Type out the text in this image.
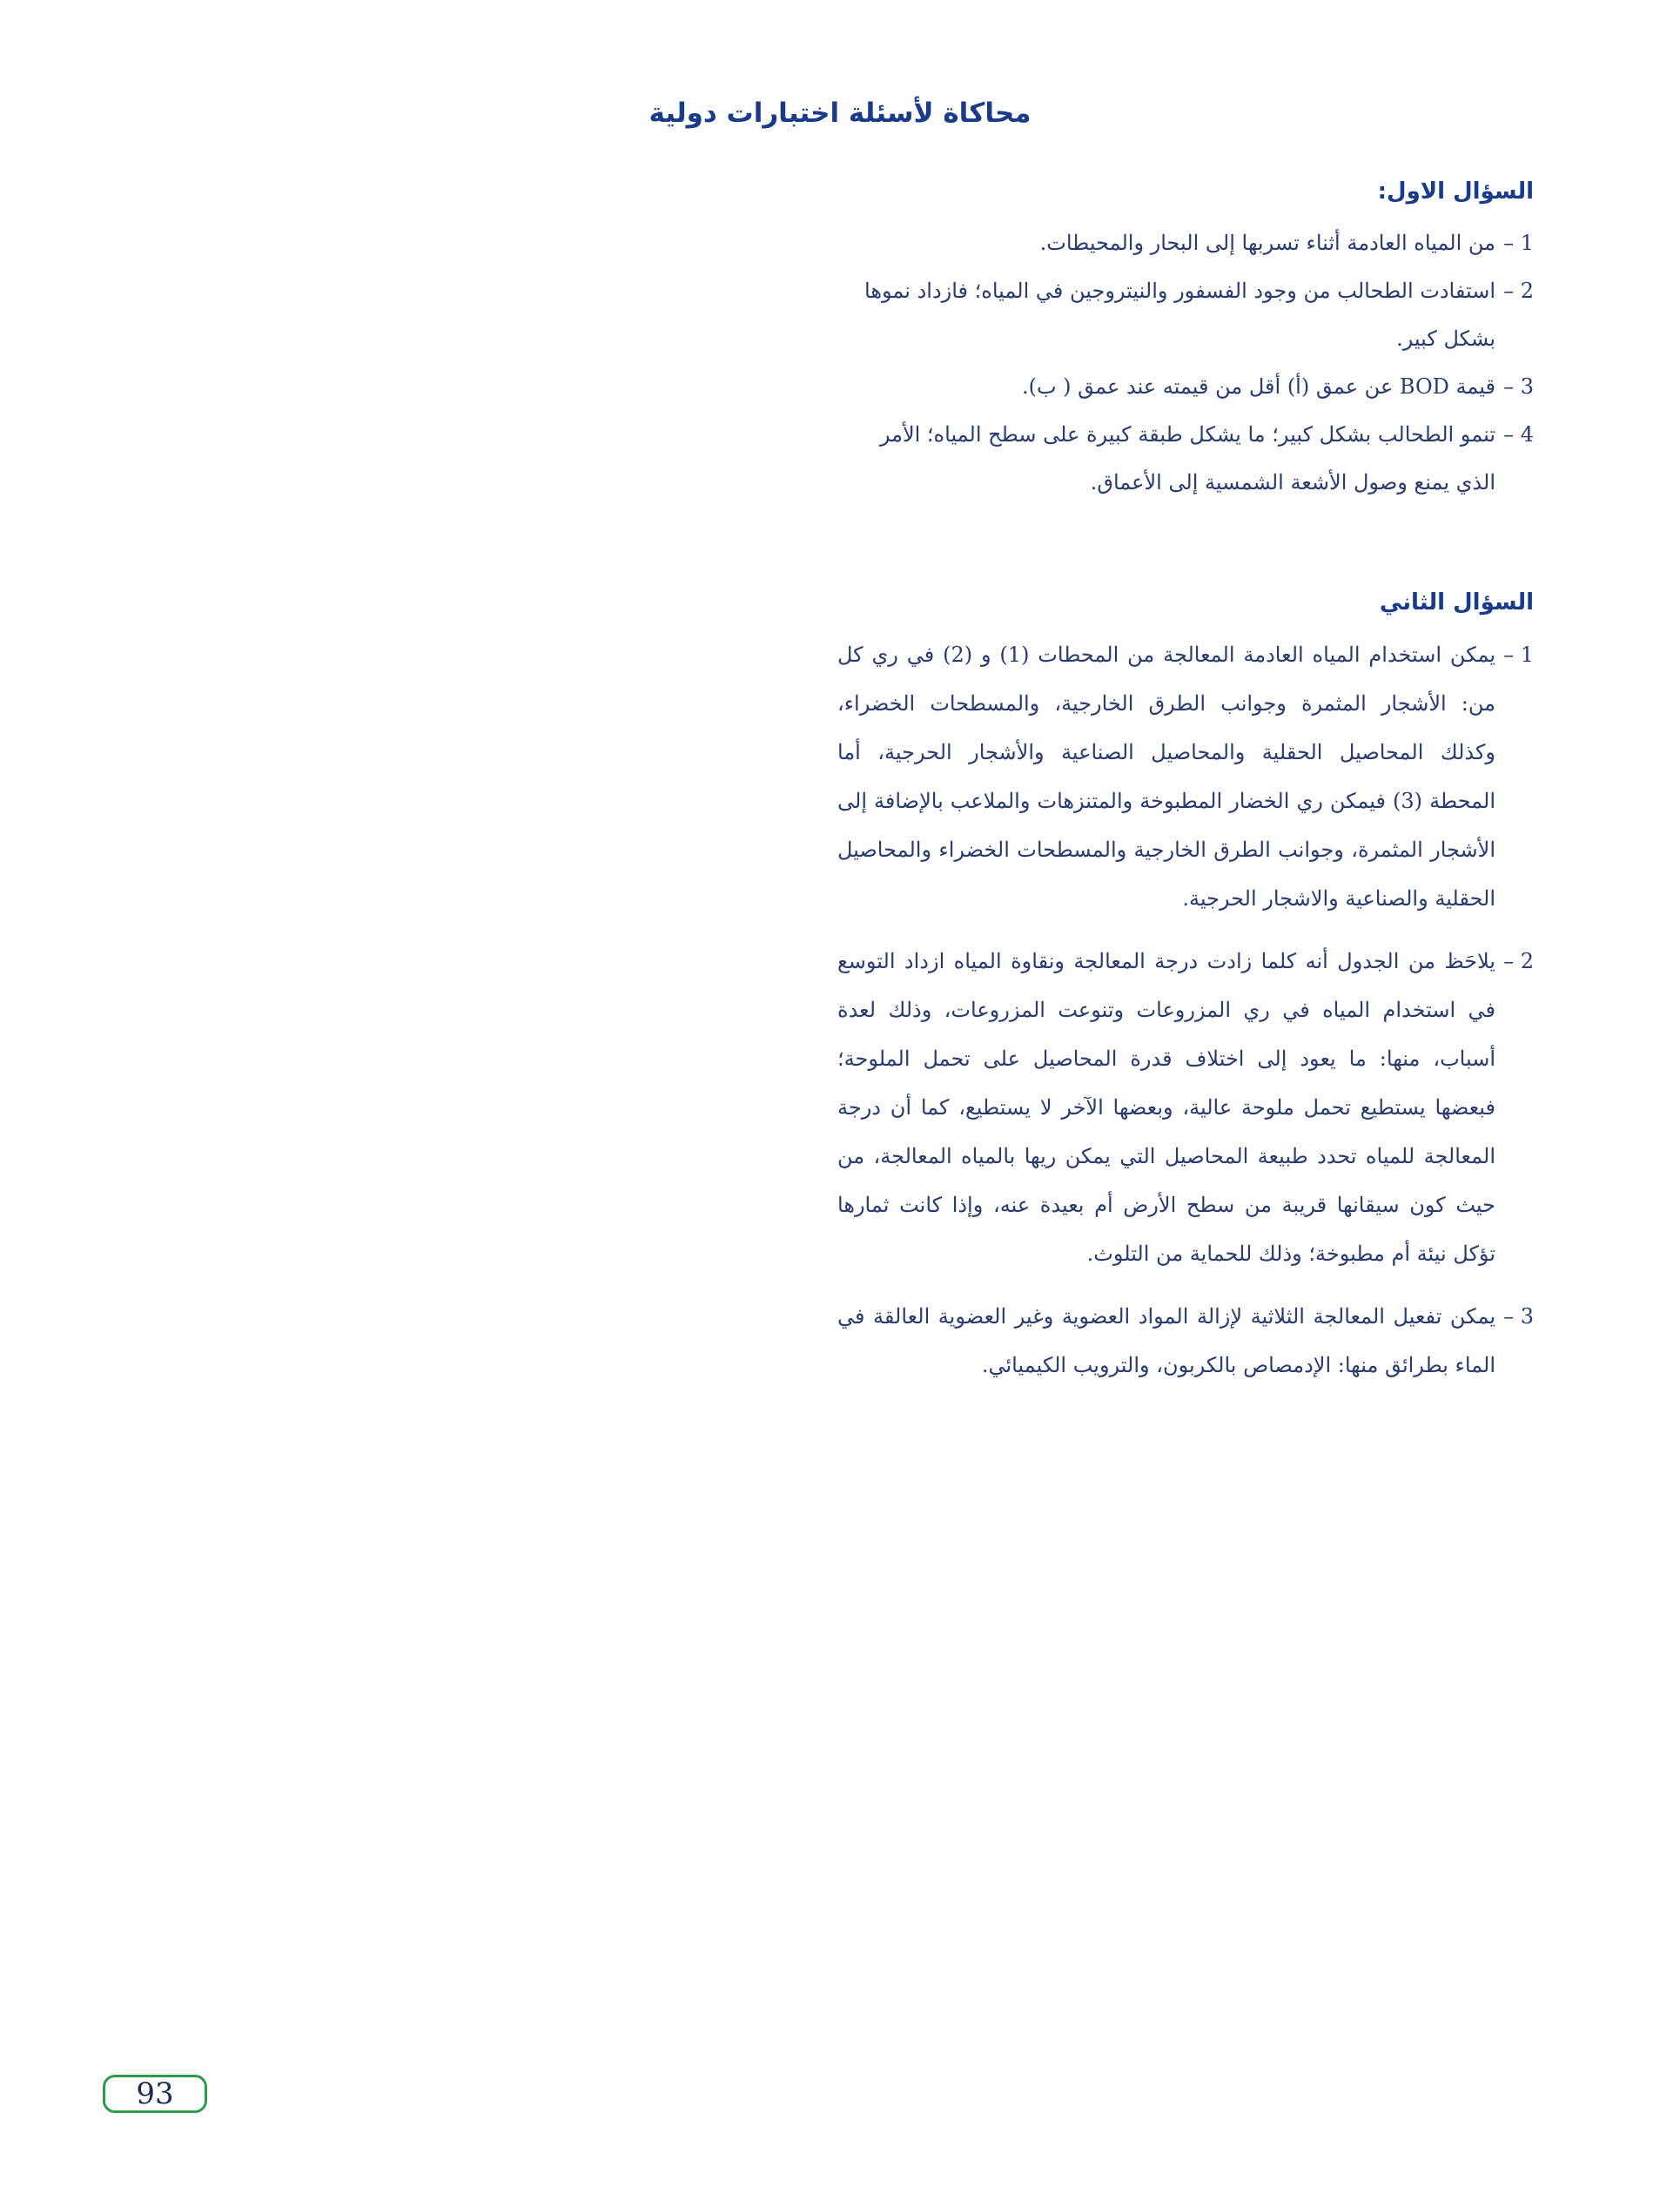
محاكاة لأسئلة اختبارات دولية
السؤال الاول:
1 –
من المياه العادمة أثناء تسربها إلى البحار والمحيطات.
2 –
استفادت الطحالب من وجود الفسفور والنيتروجين في المياه؛ فازداد نموها بشكل كبير.
3 –
قيمة BOD عن عمق (أ) أقل من قيمته عند عمق ( ب).
4 –
تنمو الطحالب بشكل كبير؛ ما يشكل طبقة كبيرة على سطح المياه؛ الأمر الذي يمنع وصول الأشعة الشمسية إلى الأعماق.
السؤال الثاني
1 –
يمكن استخدام المياه العادمة المعالجة من المحطات (1) و (2) في ري كل من: الأشجار المثمرة وجوانب الطرق الخارجية، والمسطحات الخضراء، وكذلك المحاصيل الحقلية والمحاصيل الصناعية والأشجار الحرجية، أما المحطة (3) فيمكن ري الخضار المطبوخة والمتنزهات والملاعب بالإضافة إلى الأشجار المثمرة، وجوانب الطرق الخارجية والمسطحات الخضراء والمحاصيل الحقلية والصناعية والاشجار الحرجية.
2 –
يلاحَظ من الجدول أنه كلما زادت درجة المعالجة ونقاوة المياه ازداد التوسع في استخدام المياه في ري المزروعات وتنوعت المزروعات، وذلك لعدة أسباب، منها: ما يعود إلى اختلاف قدرة المحاصيل على تحمل الملوحة؛ فبعضها يستطيع تحمل ملوحة عالية، وبعضها الآخر لا يستطيع، كما أن درجة المعالجة للمياه تحدد طبيعة المحاصيل التي يمكن ريها بالمياه المعالجة، من حيث كون سيقانها قريبة من سطح الأرض أم بعيدة عنه، وإذا كانت ثمارها تؤكل نيئة أم مطبوخة؛ وذلك للحماية من التلوث.
3 –
يمكن تفعيل المعالجة الثلاثية لإزالة المواد العضوية وغير العضوية العالقة في الماء بطرائق منها: الإدمصاص بالكربون، والترويب الكيميائي.
93
